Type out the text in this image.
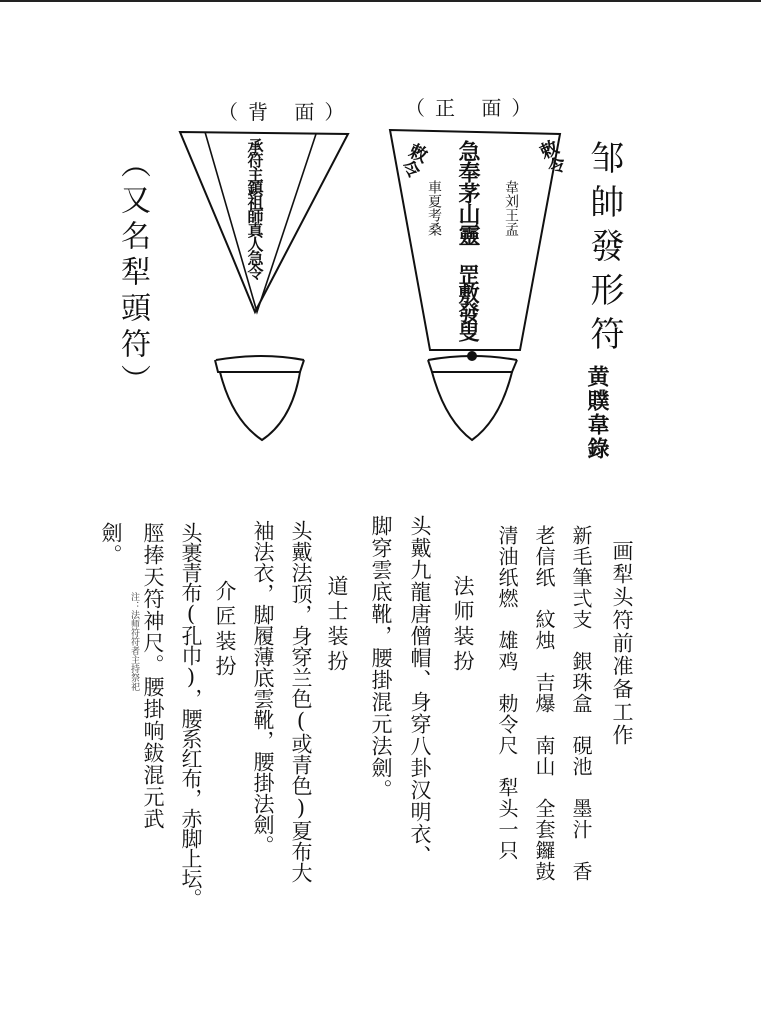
（背 面）	（正 面）
承符主鎮祖師真人急令	敕令
敕令 急奉茅山靈
罡敷發叟
韋刘王孟
車夏考桑	邹帥發形符
黄贌韋錄
（又名犁頭符）
画犁头符前准备工作
新毛筆弍支　銀珠盒　硯池　墨汁　香
老信纸　紋烛　吉爆　南山　全套鑼鼓
清油纸燃　雄鸡　勅令尺　犁头一只
法师装扮
头戴九龍唐僧帽、身穿八卦汉明衣、
脚穿雲底靴，腰掛混元法劍。
道士装扮
头戴法顶，身穿兰色(或青色)夏布大
袖法衣，脚履薄底雲靴，腰掛法劍。
介匠装扮
头裹青布(孔巾)，腰系红布，赤脚上坛。
脛捧天符神尺。腰掛响鈸混元武
劍。
注：法师符符者主持祭祀
